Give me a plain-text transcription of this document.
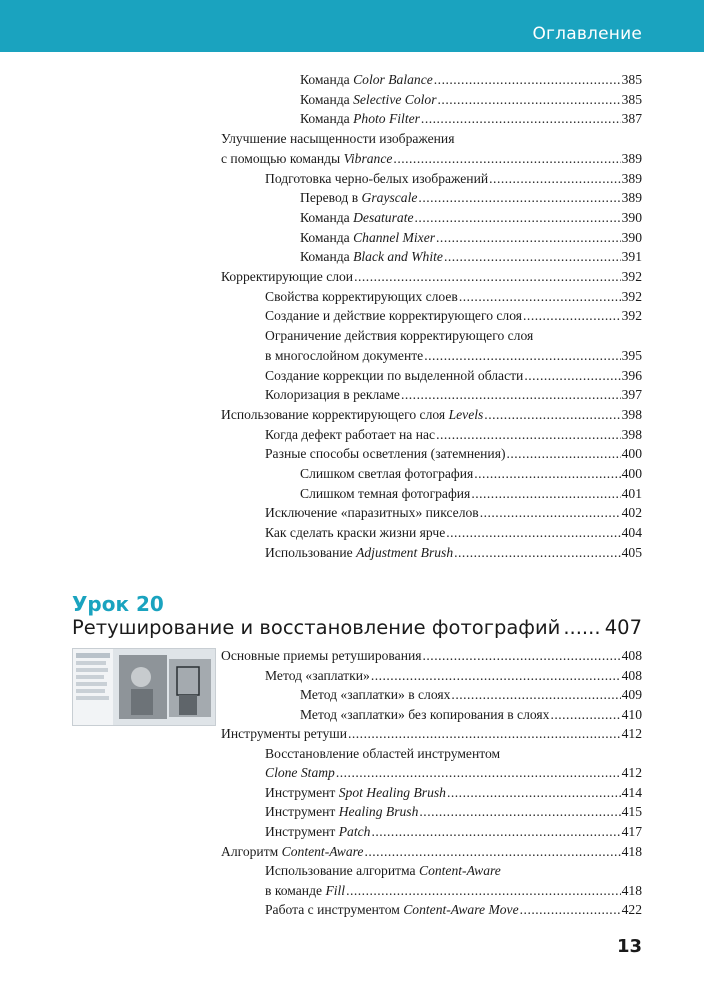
Оглавление
Команда Color Balance .....	385
Команда Selective Color .....	385
Команда Photo Filter .....	387
Улучшение насыщенности изображения
с помощью команды Vibrance .....	389
Подготовка черно-белых изображений .....	389
Перевод в Grayscale .....	389
Команда Desaturate .....	390
Команда Channel Mixer .....	390
Команда Black and White .....	391
Корректирующие слои .....	392
Свойства корректирующих слоев .....	392
Создание и действие корректирующего слоя .....	392
Ограничение действия корректирующего слоя
в многослойном документе .....	395
Создание коррекции по выделенной области .....	396
Колоризация в рекламе .....	397
Использование корректирующего слоя Levels .....	398
Когда дефект работает на нас .....	398
Разные способы осветления (затемнения) .....	400
Слишком светлая фотография .....	400
Слишком темная фотография .....	401
Исключение «паразитных» пикселов .....	402
Как сделать краски жизни ярче .....	404
Использование Adjustment Brush .....	405
Основные приемы ретуширования .....	408
Метод «заплатки» .....	408
Метод «заплатки» в слоях .....	409
Метод «заплатки» без копирования в слоях .....	410
Инструменты ретуши .....	412
Восстановление областей инструментом
Clone Stamp .....	412
Инструмент Spot Healing Brush .....	414
Инструмент Healing Brush .....	415
Инструмент Patch .....	417
Алгоритм Content-Aware .....	418
Использование алгоритма Content-Aware
в команде Fill .....	418
Работа с инструментом Content-Aware Move .....	422
Урок 20
Ретуширование и восстановление фотографий ..... 407
13
